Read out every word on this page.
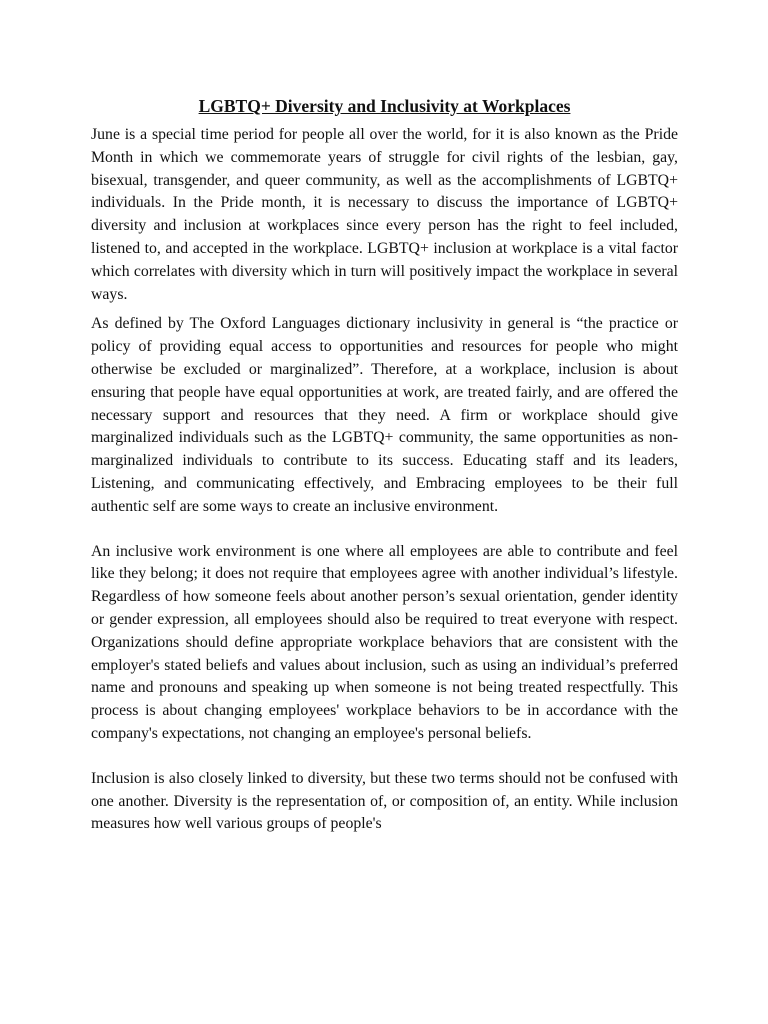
LGBTQ+ Diversity and Inclusivity at Workplaces

June is a special time period for people all over the world, for it is also known as the Pride Month in which we commemorate years of struggle for civil rights of the lesbian, gay, bisexual, transgender, and queer community, as well as the accomplishments of LGBTQ+ individuals. In the Pride month, it is necessary to discuss the importance of LGBTQ+ diversity and inclusion at workplaces since every person has the right to feel included, listened to, and accepted in the workplace. LGBTQ+ inclusion at workplace is a vital factor which correlates with diversity which in turn will positively impact the workplace in several ways.

As defined by The Oxford Languages dictionary inclusivity in general is “the practice or policy of providing equal access to opportunities and resources for people who might otherwise be excluded or marginalized”. Therefore, at a workplace, inclusion is about ensuring that people have equal opportunities at work, are treated fairly, and are offered the necessary support and resources that they need. A firm or workplace should give marginalized individuals such as the LGBTQ+ community, the same opportunities as non-marginalized individuals to contribute to its success. Educating staff and its leaders, Listening, and communicating effectively, and Embracing employees to be their full authentic self are some ways to create an inclusive environment.

An inclusive work environment is one where all employees are able to contribute and feel like they belong; it does not require that employees agree with another individual’s lifestyle. Regardless of how someone feels about another person’s sexual orientation, gender identity or gender expression, all employees should also be required to treat everyone with respect. Organizations should define appropriate workplace behaviors that are consistent with the employer's stated beliefs and values about inclusion, such as using an individual’s preferred name and pronouns and speaking up when someone is not being treated respectfully. This process is about changing employees' workplace behaviors to be in accordance with the company's expectations, not changing an employee's personal beliefs.

Inclusion is also closely linked to diversity, but these two terms should not be confused with one another. Diversity is the representation of, or composition of, an entity. While inclusion measures how well various groups of people's
